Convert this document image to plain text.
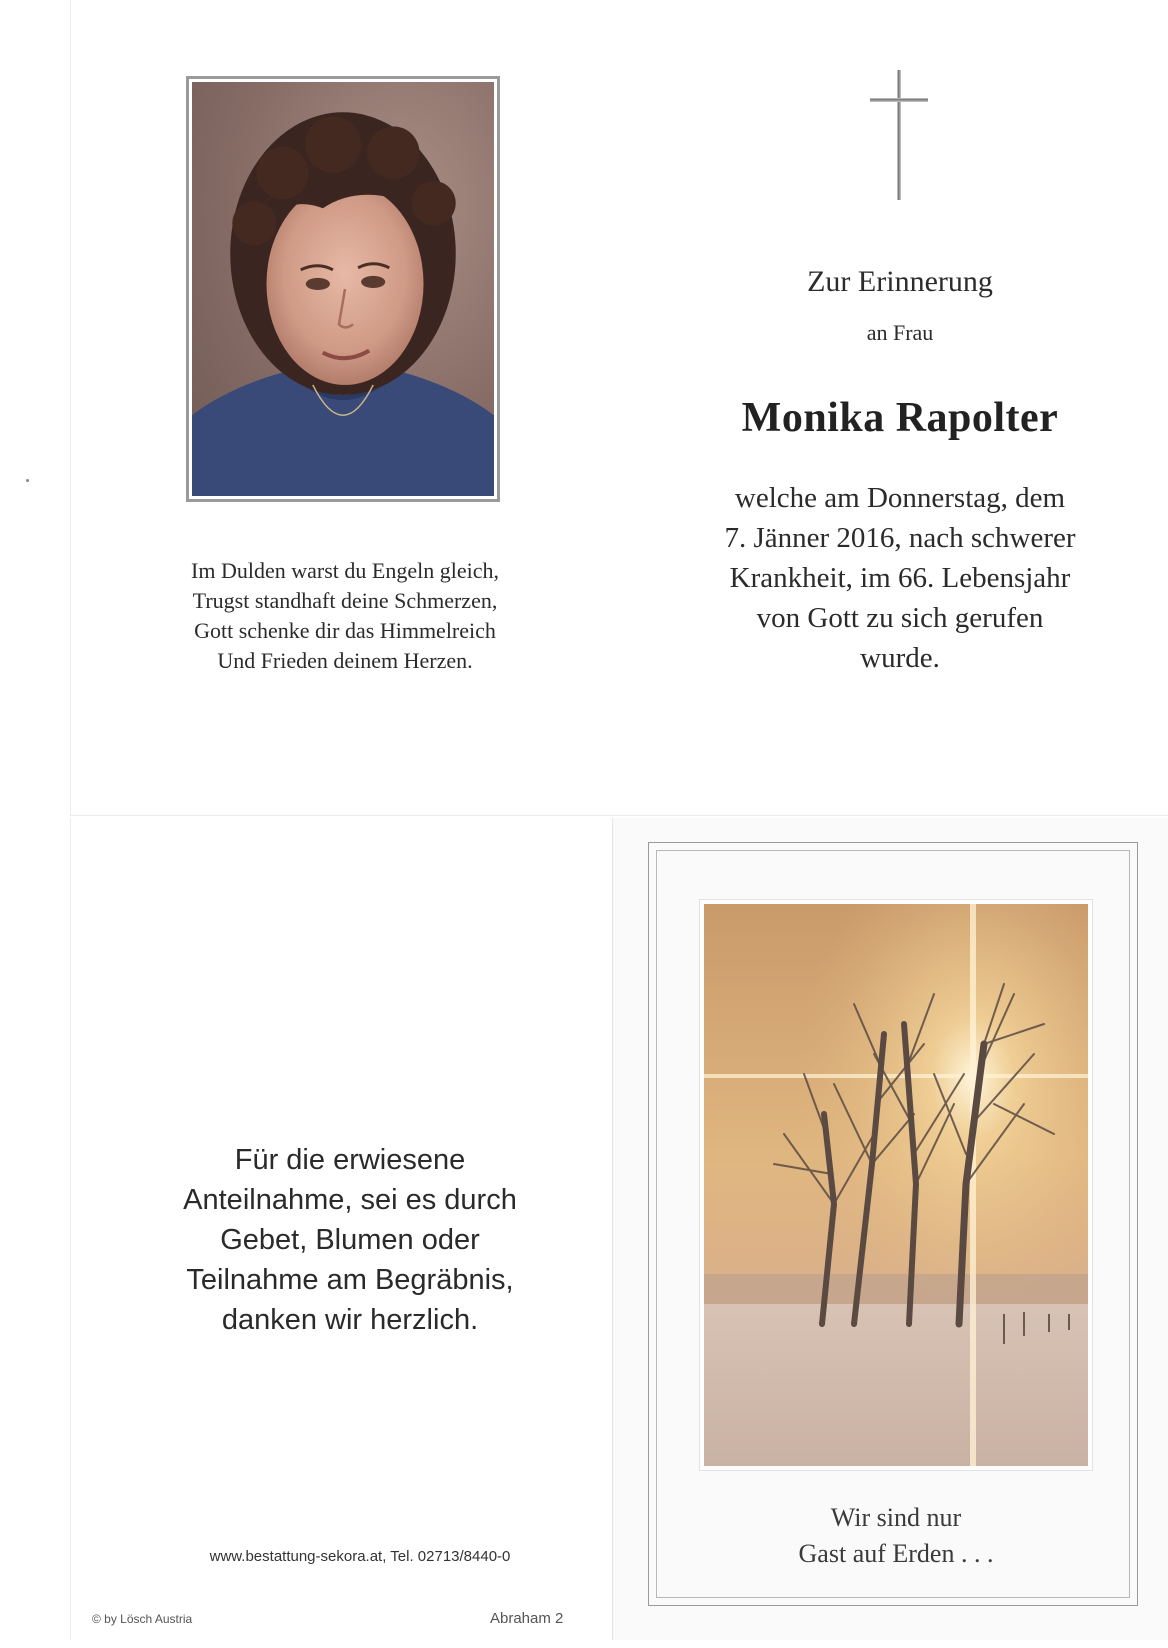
Im Dulden warst du Engeln gleich,
Trugst standhaft deine Schmerzen,
Gott schenke dir das Himmelreich
Und Frieden deinem Herzen.
Zur Erinnerung
an Frau
Monika Rapolter
welche am Donnerstag, dem
7. Jänner 2016, nach schwerer
Krankheit, im 66. Lebensjahr
von Gott zu sich gerufen
wurde.
Für die erwiesene
Anteilnahme, sei es durch
Gebet, Blumen oder
Teilnahme am Begräbnis,
danken wir herzlich.
www.bestattung-sekora.at, Tel. 02713/8440-0
© by Lösch Austria	Abraham 2
Wir sind nur
Gast auf Erden . . .
